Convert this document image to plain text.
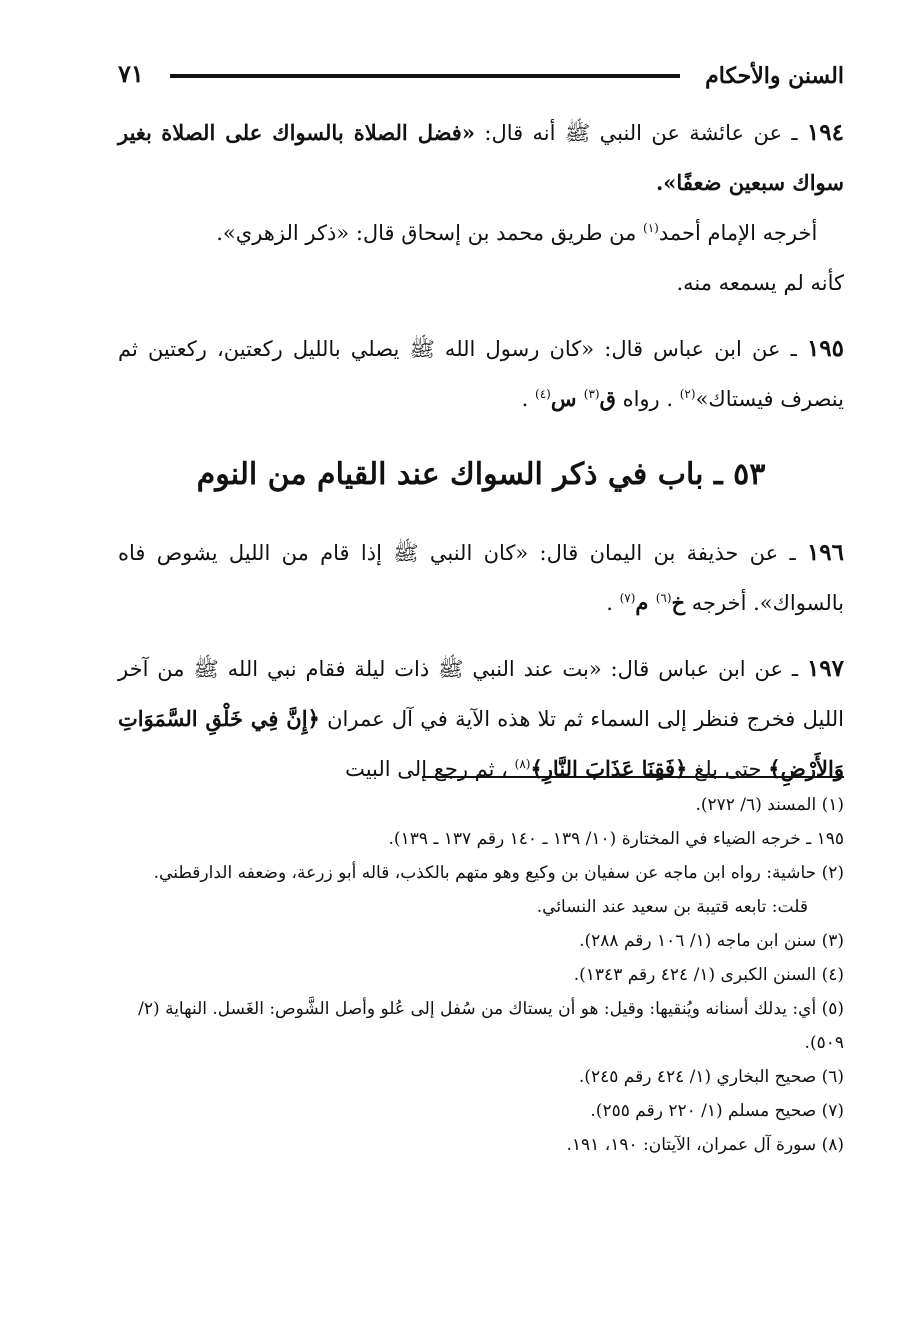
٧١	السنن والأحكام

١٩٤ ـ عن عائشة عن النبي ﷺ أنه قال: «فضل الصلاة بالسواك على الصلاة بغير سواك سبعين ضعفًا».

أخرجه الإمام أحمد$^{(١)}$ من طريق محمد بن إسحاق قال: «ذكر الزهري».

كأنه لم يسمعه منه.

١٩٥ ـ عن ابن عباس قال: «كان رسول الله ﷺ يصلي بالليل ركعتين، ركعتين ثم ينصرف فيستاك»$^{(٢)}$ . رواه ق$^{(٣)}$ س$^{(٤)}$ .

٥٣ ـ باب في ذكر السواك عند القيام من النوم

١٩٦ ـ عن حذيفة بن اليمان قال: «كان النبي ﷺ إذا قام من الليل يشوص فاه بالسواك». أخرجه خ$^{(٦)}$ م$^{(٧)}$ .

١٩٧ ـ عن ابن عباس قال: «بت عند النبي ﷺ ذات ليلة فقام نبي الله ﷺ من آخر الليل فخرج فنظر إلى السماء ثم تلا هذه الآية في آل عمران ﴿إِنَّ فِي خَلْقِ السَّمَوَاتِ وَالأَرْضِ﴾ حتى بلغ ﴿فَقِنَا عَذَابَ النَّارِ﴾$^{(٨)}$ ، ثم رجع إلى البيت

(١) المسند (٦/ ٢٧٢).

١٩٥ ـ خرجه الضياء في المختارة (١٠/ ١٣٩ ـ ١٤٠ رقم ١٣٧ ـ ١٣٩).

(٢) حاشية: رواه ابن ماجه عن سفيان بن وكيع وهو متهم بالكذب، قاله أبو زرعة، وضعفه الدارقطني.

قلت: تابعه قتيبة بن سعيد عند النسائي.

(٣) سنن ابن ماجه (١/ ١٠٦ رقم ٢٨٨).

(٤) السنن الكبرى (١/ ٤٢٤ رقم ١٣٤٣).

(٥) أي: يدلك أسنانه ويُنقيها: وقيل: هو أن يستاك من سُفل إلى عُلو وأصل الشَّوص: الغَسل. النهاية (٢/ ٥٠٩).

(٦) صحيح البخاري (١/ ٤٢٤ رقم ٢٤٥).

(٧) صحيح مسلم (١/ ٢٢٠ رقم ٢٥٥).

(٨) سورة آل عمران، الآيتان: ١٩٠، ١٩١.
